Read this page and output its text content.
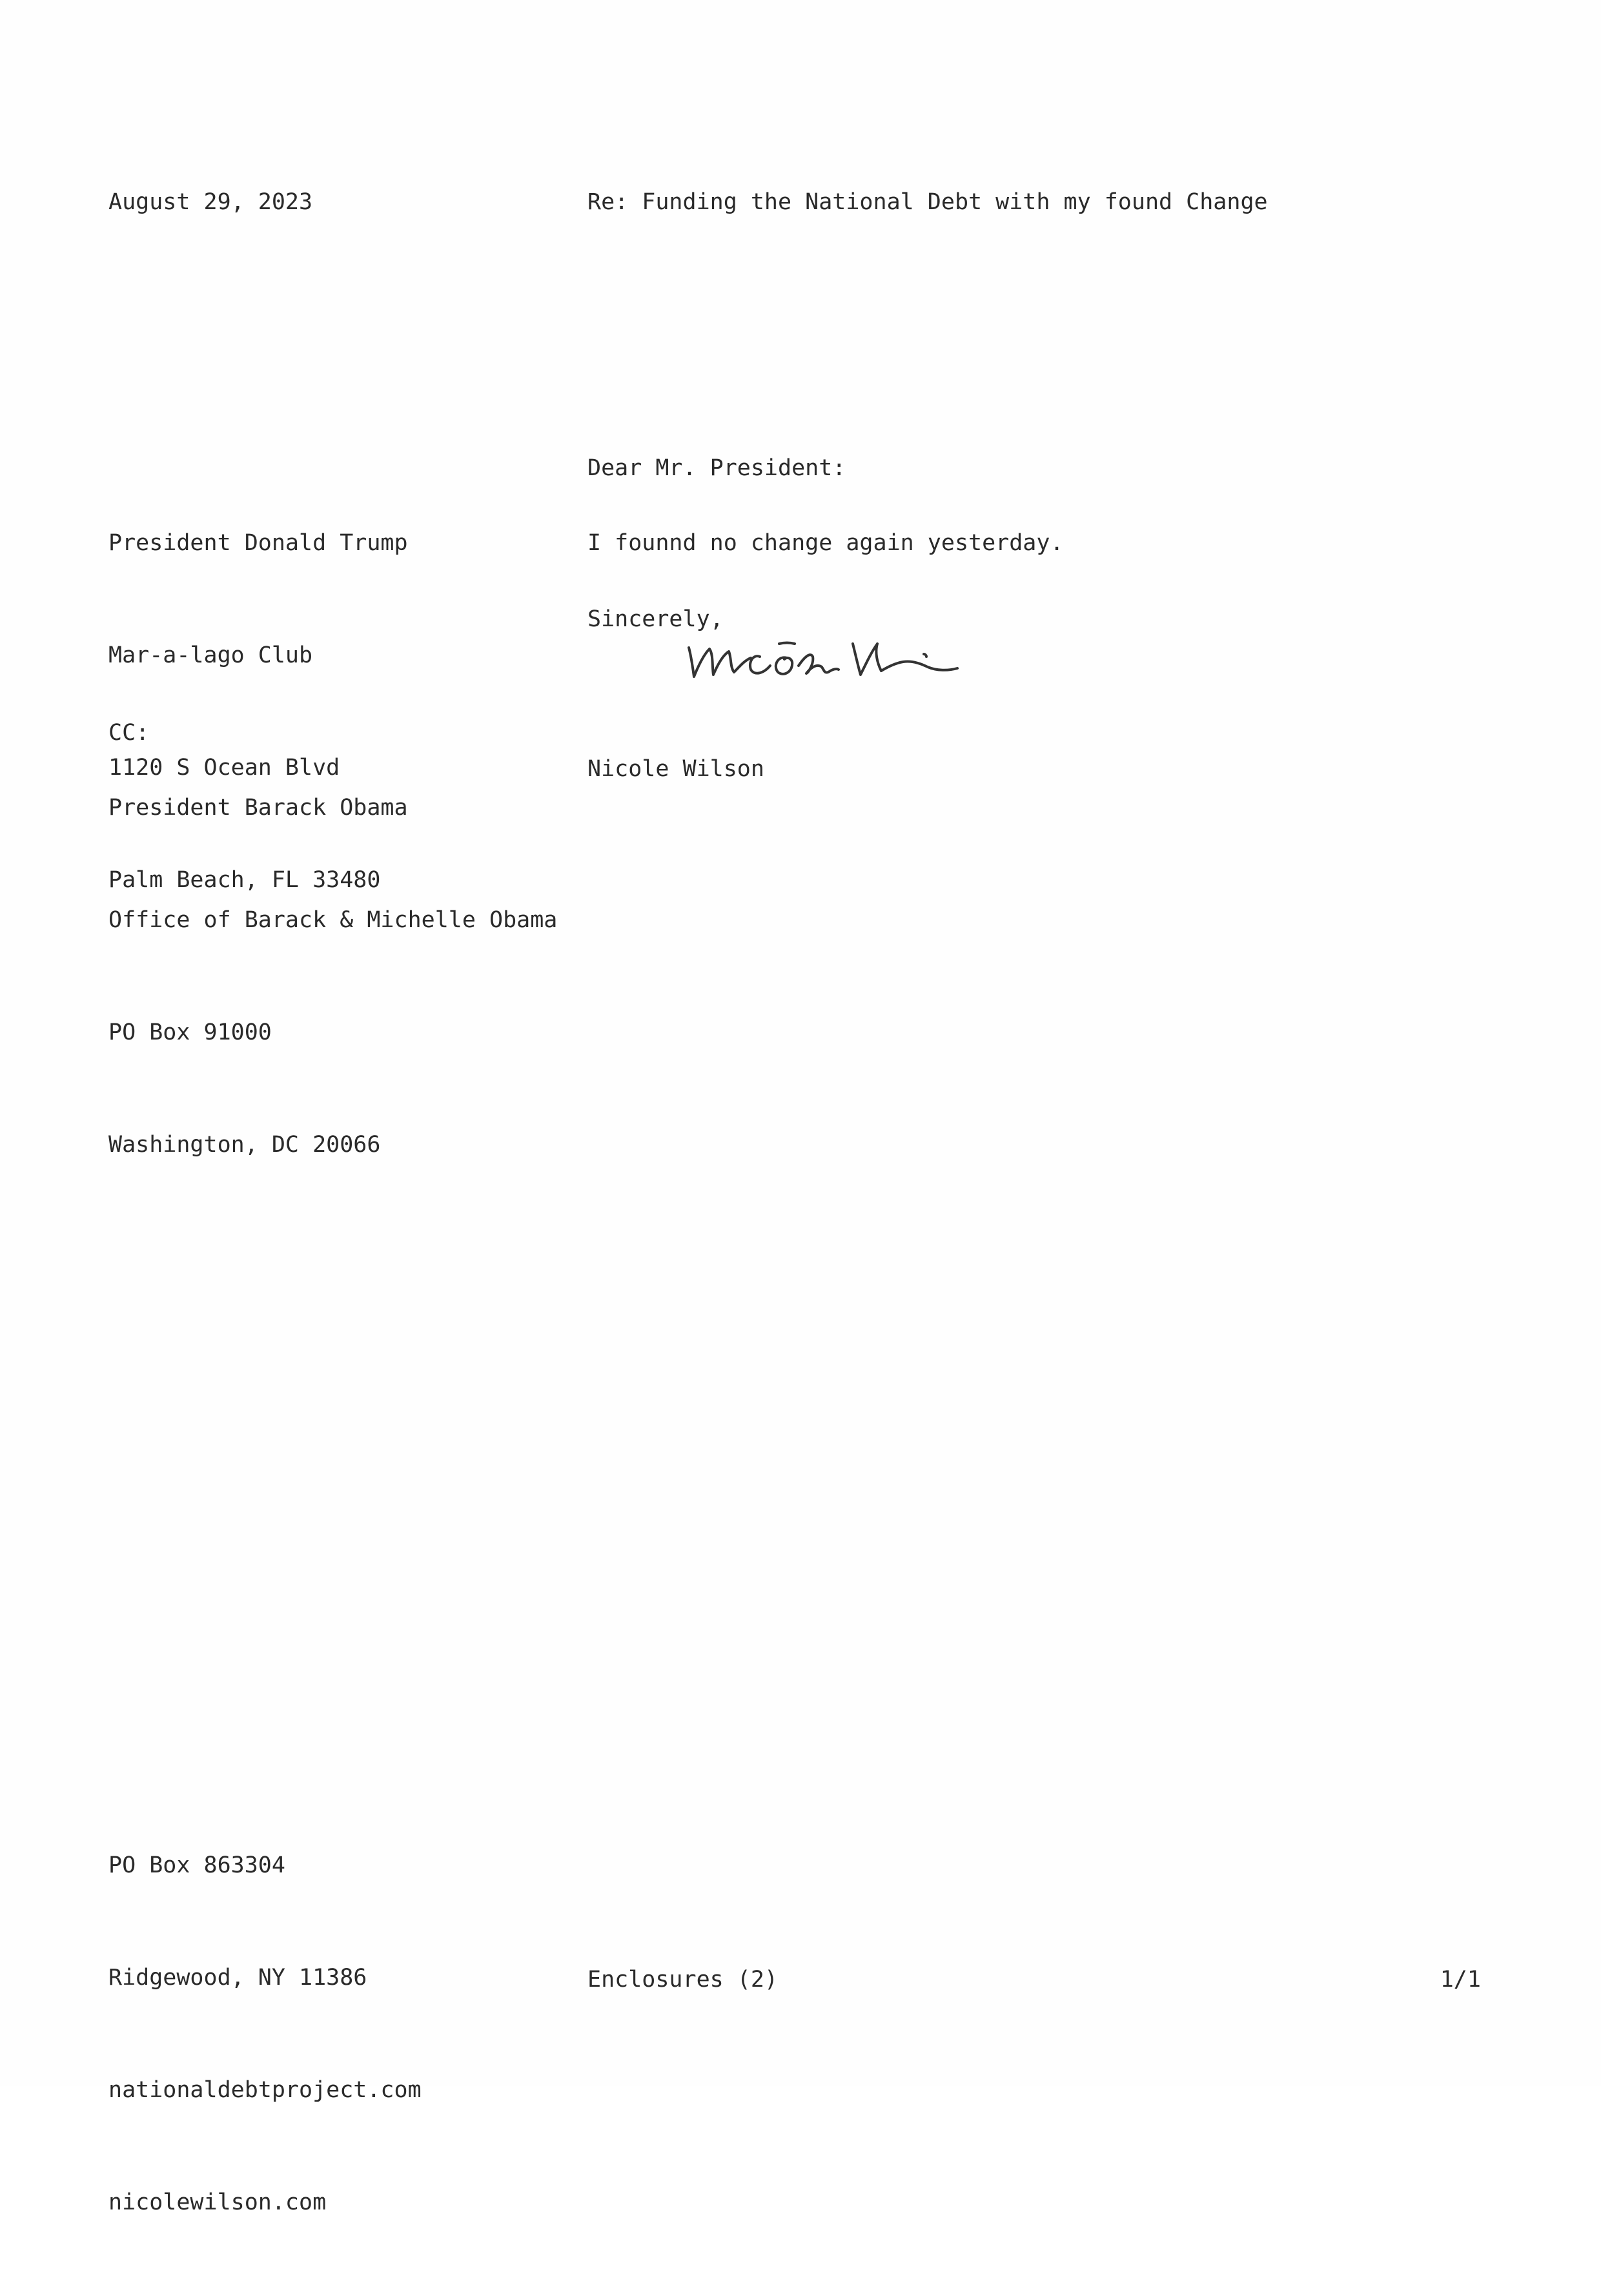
August 29, 2023

	Re: Funding the National Debt with my found Change

Dear Mr. President:

President Donald Trump

Mar-a-lago Club

1120 S Ocean Blvd

Palm Beach, FL 33480

I founnd no change again yesterday.

Sincerely,

Nicole Wilson

CC:

President Barack Obama

Office of Barack & Michelle Obama

PO Box 91000

Washington, DC 20066

PO Box 863304

Ridgewood, NY 11386

nationaldebtproject.com

nicolewilson.com

Enclosures (2)

	1/1
